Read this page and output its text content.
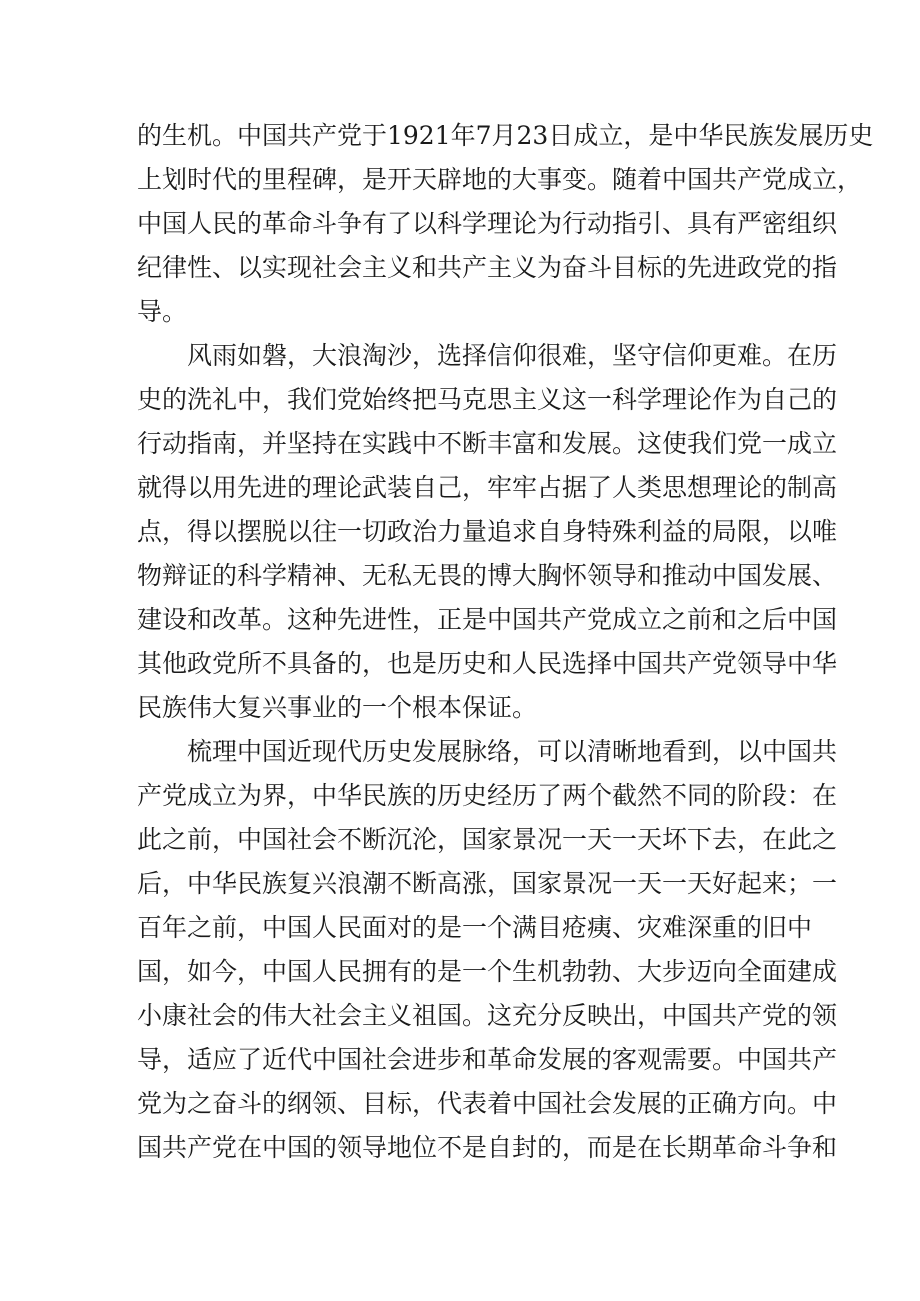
的生机。中国共产党于1921年7月23日成立，是中华民族发展历史
上划时代的里程碑，是开天辟地的大事变。随着中国共产党成立，
中国人民的革命斗争有了以科学理论为行动指引、具有严密组织
纪律性、以实现社会主义和共产主义为奋斗目标的先进政党的指
导。
风雨如磐，大浪淘沙，选择信仰很难，坚守信仰更难。在历
史的洗礼中，我们党始终把马克思主义这一科学理论作为自己的
行动指南，并坚持在实践中不断丰富和发展。这使我们党一成立
就得以用先进的理论武装自己，牢牢占据了人类思想理论的制高
点，得以摆脱以往一切政治力量追求自身特殊利益的局限，以唯
物辩证的科学精神、无私无畏的博大胸怀领导和推动中国发展、
建设和改革。这种先进性，正是中国共产党成立之前和之后中国
其他政党所不具备的，也是历史和人民选择中国共产党领导中华
民族伟大复兴事业的一个根本保证。
梳理中国近现代历史发展脉络，可以清晰地看到，以中国共
产党成立为界，中华民族的历史经历了两个截然不同的阶段：在
此之前，中国社会不断沉沦，国家景况一天一天坏下去，在此之
后，中华民族复兴浪潮不断高涨，国家景况一天一天好起来；一
百年之前，中国人民面对的是一个满目疮痍、灾难深重的旧中
国，如今，中国人民拥有的是一个生机勃勃、大步迈向全面建成
小康社会的伟大社会主义祖国。这充分反映出，中国共产党的领
导，适应了近代中国社会进步和革命发展的客观需要。中国共产
党为之奋斗的纲领、目标，代表着中国社会发展的正确方向。中
国共产党在中国的领导地位不是自封的，而是在长期革命斗争和
